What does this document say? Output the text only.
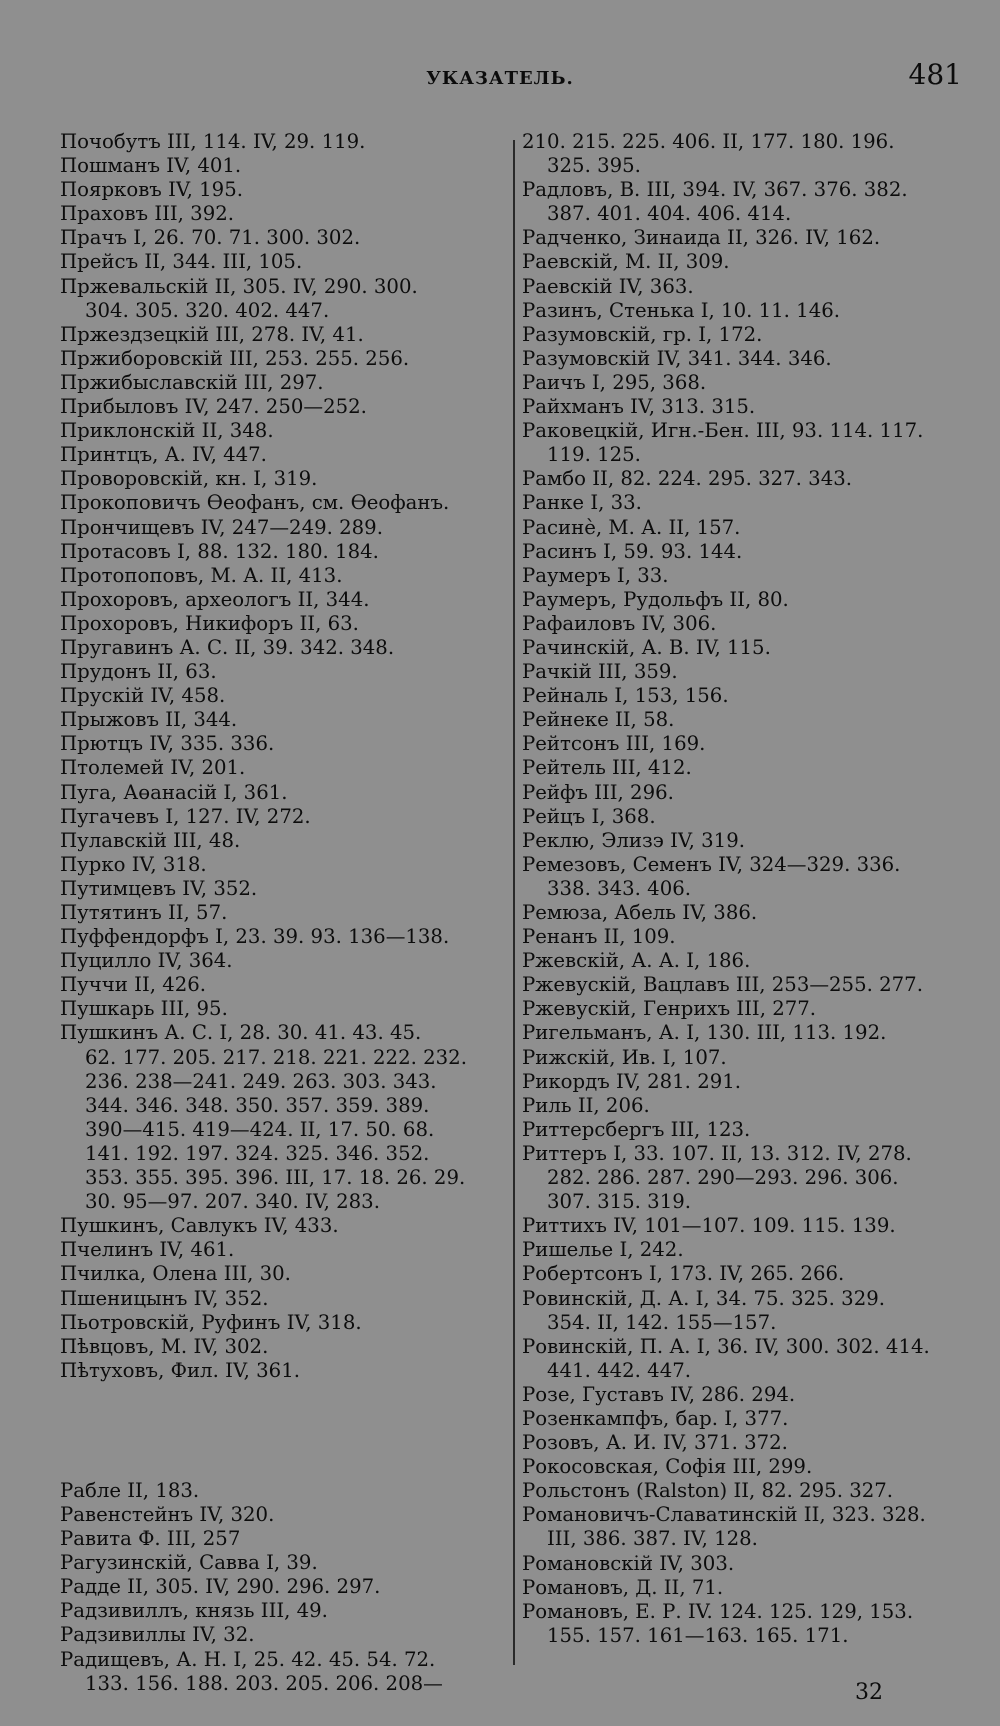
УКАЗАТЕЛЬ.	481
Почобутъ III, 114. IV, 29. 119.
Пошманъ IV, 401.
Поярковъ IV, 195.
Праховъ III, 392.
Прачъ I, 26. 70. 71. 300. 302.
Прейсъ II, 344. III, 105.
Пржевальскій II, 305. IV, 290. 300.
304. 305. 320. 402. 447.
Пржездзецкій III, 278. IV, 41.
Пржиборовскій III, 253. 255. 256.
Пржибыславскій III, 297.
Прибыловъ IV, 247. 250—252.
Приклонскій II, 348.
Принтцъ, А. IV, 447.
Проворовскій, кн. I, 319.
Прокоповичъ Өеофанъ, см. Өеофанъ.
Прончищевъ IV, 247—249. 289.
Протасовъ I, 88. 132. 180. 184.
Протопоповъ, М. А. II, 413.
Прохоровъ, археологъ II, 344.
Прохоровъ, Никифоръ II, 63.
Пругавинъ А. С. II, 39. 342. 348.
Прудонъ II, 63.
Пруcкій IV, 458.
Прыжовъ II, 344.
Прютцъ IV, 335. 336.
Птолемей IV, 201.
Пуга, Аөанасій I, 361.
Пугачевъ I, 127. IV, 272.
Пулавскій III, 48.
Пурко IV, 318.
Путимцевъ IV, 352.
Путятинъ II, 57.
Пуффендорфъ I, 23. 39. 93. 136—138.
Пуцилло IV, 364.
Пуччи II, 426.
Пушкарь III, 95.
Пушкинъ А. С. I, 28. 30. 41. 43. 45.
62. 177. 205. 217. 218. 221. 222. 232.
236. 238—241. 249. 263. 303. 343.
344. 346. 348. 350. 357. 359. 389.
390—415. 419—424. II, 17. 50. 68.
141. 192. 197. 324. 325. 346. 352.
353. 355. 395. 396. III, 17. 18. 26. 29.
30. 95—97. 207. 340. IV, 283.
Пушкинъ, Савлукъ IV, 433.
Пчелинъ IV, 461.
Пчилка, Олена III, 30.
Пшеницынъ IV, 352.
Пьотровскій, Руфинъ IV, 318.
Пѣвцовъ, М. IV, 302.
Пѣтуховъ, Фил. IV, 361.
Рабле II, 183.
Равенстейнъ IV, 320.
Равита Ф. III, 257
Рагузинскій, Савва I, 39.
Радде II, 305. IV, 290. 296. 297.
Радзивиллъ, князь III, 49.
Радзивиллы IV, 32.
Радищевъ, А. Н. I, 25. 42. 45. 54. 72.
133. 156. 188. 203. 205. 206. 208—
210. 215. 225. 406. II, 177. 180. 196.
325. 395.
Радловъ, В. III, 394. IV, 367. 376. 382.
387. 401. 404. 406. 414.
Радченко, Зинаида II, 326. IV, 162.
Раевскій, М. II, 309.
Раевскій IV, 363.
Разинъ, Стенька I, 10. 11. 146.
Разумовскій, гр. I, 172.
Разумовскій IV, 341. 344. 346.
Раичъ I, 295, 368.
Райхманъ IV, 313. 315.
Раковецкій, Игн.-Бен. III, 93. 114. 117.
119. 125.
Рамбо II, 82. 224. 295. 327. 343.
Ранке I, 33.
Расинѐ, М. А. II, 157.
Расинъ I, 59. 93. 144.
Раумеръ I, 33.
Раумеръ, Рудольфъ II, 80.
Рафаиловъ IV, 306.
Рачинскій, А. В. IV, 115.
Рачкій III, 359.
Рейналь I, 153, 156.
Рейнеке II, 58.
Рейтсонъ III, 169.
Рейтель III, 412.
Рейфъ III, 296.
Рейцъ I, 368.
Реклю, Элизэ IV, 319.
Ремезовъ, Семенъ IV, 324—329. 336.
338. 343. 406.
Ремюза, Абель IV, 386.
Ренанъ II, 109.
Ржевскій, А. А. I, 186.
Ржевускій, Вацлавъ III, 253—255. 277.
Ржевускій, Генрихъ III, 277.
Ригельманъ, А. I, 130. III, 113. 192.
Рижскій, Ив. I, 107.
Рикордъ IV, 281. 291.
Риль II, 206.
Риттерсбергъ III, 123.
Риттеръ I, 33. 107. II, 13. 312. IV, 278.
282. 286. 287. 290—293. 296. 306.
307. 315. 319.
Риттихъ IV, 101—107. 109. 115. 139.
Ришелье I, 242.
Робертсонъ I, 173. IV, 265. 266.
Ровинскій, Д. А. I, 34. 75. 325. 329.
354. II, 142. 155—157.
Ровинскій, П. А. I, 36. IV, 300. 302. 414.
441. 442. 447.
Розе, Густавъ IV, 286. 294.
Розенкампфъ, бар. I, 377.
Розовъ, А. И. IV, 371. 372.
Рокосовская, Софія III, 299.
Рольстонъ (Ralston) II, 82. 295. 327.
Романовичъ-Славатинскій II, 323. 328.
III, 386. 387. IV, 128.
Романовскій IV, 303.
Романовъ, Д. II, 71.
Романовъ, Е. Р. IV. 124. 125. 129, 153.
155. 157. 161—163. 165. 171.
32
